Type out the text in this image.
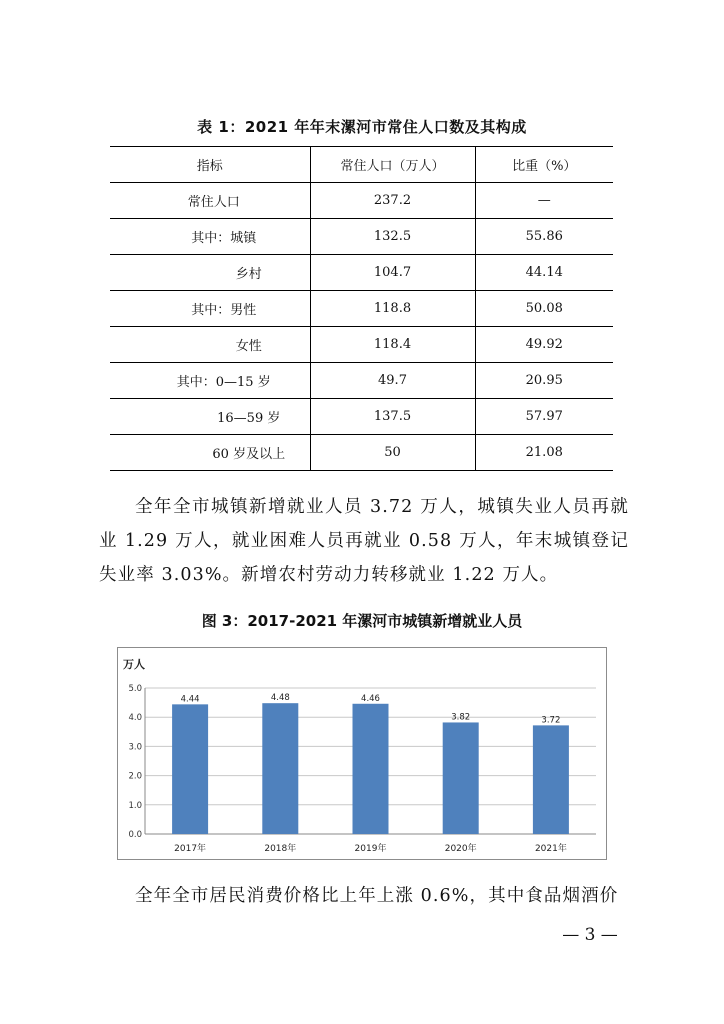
表 1：2021 年年末漯河市常住人口数及其构成
指标	常住人口（万人）	比重（%）
常住人口	237.2	—
其中：城镇	132.5	55.86
乡村	104.7	44.14
其中：男性	118.8	50.08
女性	118.4	49.92
其中：0—15 岁	49.7	20.95
16—59 岁	137.5	57.97
60 岁及以上	50	21.08

全年全市城镇新增就业人员 3.72 万人，城镇失业人员再就业 1.29 万人，就业困难人员再就业 0.58 万人，年末城镇登记失业率 3.03%。新增农村劳动力转移就业 1.22 万人。

图 3：2017-2021 年漯河市城镇新增就业人员
万人
0.0
1.0
2.0
3.0
4.0
5.0
4.44
2017年
4.48
2018年
4.46
2019年
3.82
2020年
3.72
2021年

全年全市居民消费价格比上年上涨 0.6%，其中食品烟酒价

— 3 —
